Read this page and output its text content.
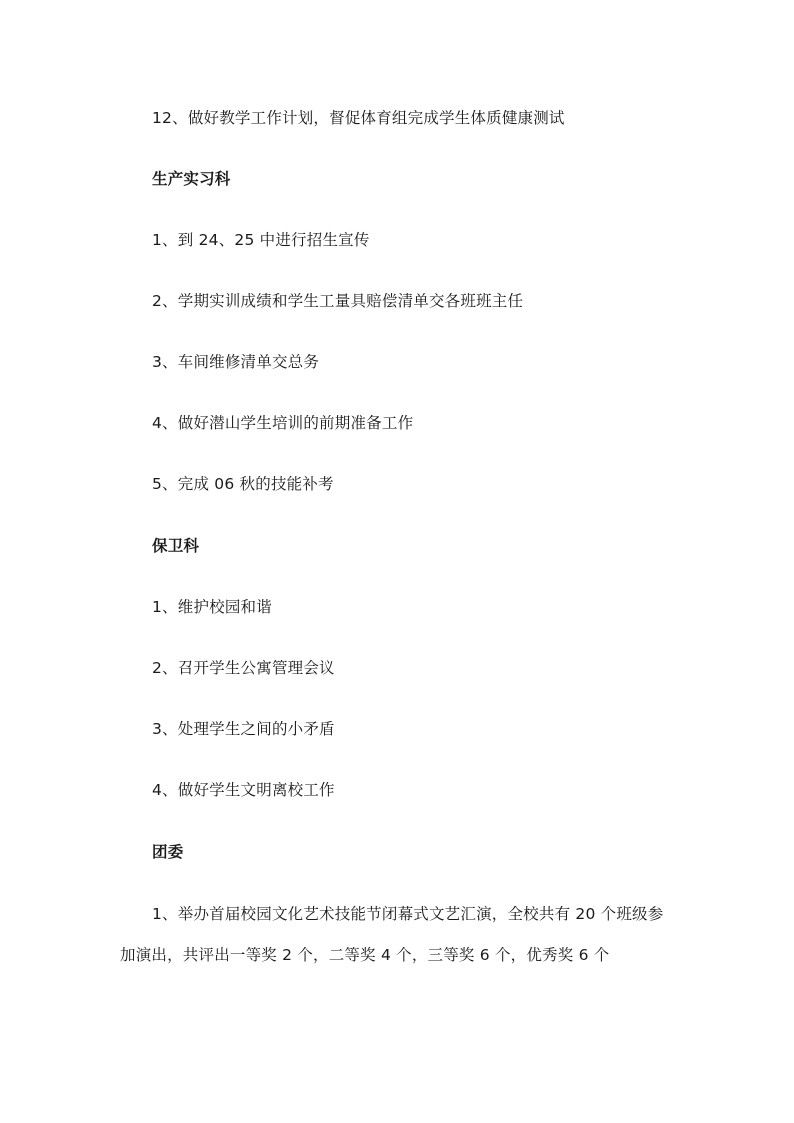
12、做好教学工作计划，督促体育组完成学生体质健康测试
生产实习科
1、到 24、25 中进行招生宣传
2、学期实训成绩和学生工量具赔偿清单交各班班主任
3、车间维修清单交总务
4、做好潜山学生培训的前期准备工作
5、完成 06 秋的技能补考
保卫科
1、维护校园和谐
2、召开学生公寓管理会议
3、处理学生之间的小矛盾
4、做好学生文明离校工作
团委
1、举办首届校园文化艺术技能节闭幕式文艺汇演，全校共有 20 个班级参
加演出，共评出一等奖 2 个，二等奖 4 个，三等奖 6 个，优秀奖 6 个
